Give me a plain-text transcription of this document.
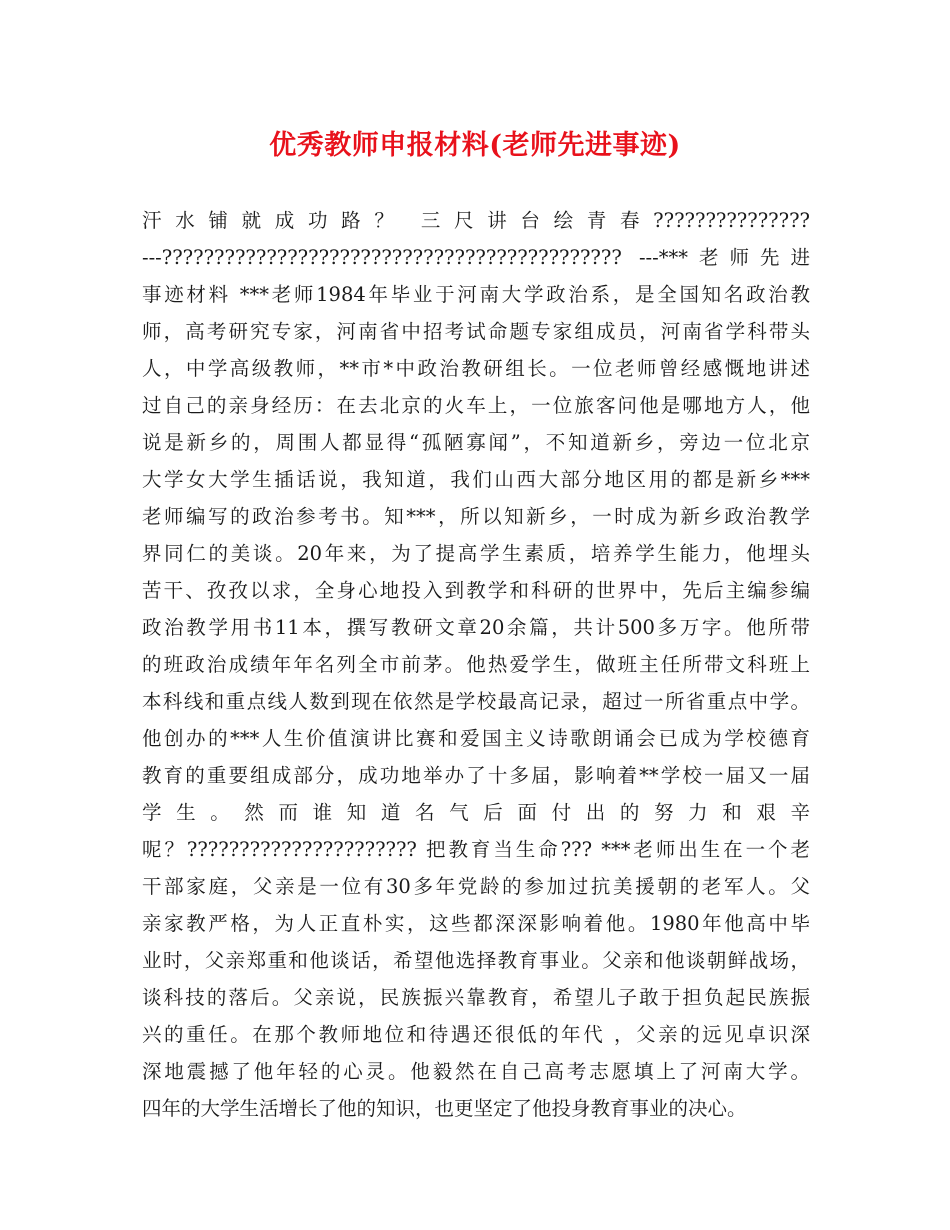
优秀教师申报材料(老师先进事迹)
汗 水 铺 就 成 功 路 ？　三 尺 讲 台 绘 青 春 ???????????????
---???????????????????????????????????????????? ---***老师先进
事迹材料 ***老师1984年毕业于河南大学政治系，是全国知名政治教
师，高考研究专家，河南省中招考试命题专家组成员，河南省学科带头
人，中学高级教师，**市*中政治教研组长。一位老师曾经感慨地讲述
过自己的亲身经历：在去北京的火车上，一位旅客问他是哪地方人，他
说是新乡的，周围人都显得“孤陋寡闻”，不知道新乡，旁边一位北京
大学女大学生插话说，我知道，我们山西大部分地区用的都是新乡***
老师编写的政治参考书。知***，所以知新乡，一时成为新乡政治教学
界同仁的美谈。20年来，为了提高学生素质，培养学生能力，他埋头
苦干、孜孜以求，全身心地投入到教学和科研的世界中，先后主编参编
政治教学用书11本，撰写教研文章20余篇，共计500多万字。他所带
的班政治成绩年年名列全市前茅。他热爱学生，做班主任所带文科班上
本科线和重点线人数到现在依然是学校最高记录，超过一所省重点中学。
他创办的***人生价值演讲比赛和爱国主义诗歌朗诵会已成为学校德育
教育的重要组成部分，成功地举办了十多届，影响着**学校一届又一届
学 生 。 然 而 谁 知 道 名 气 后 面 付 出 的 努 力 和 艰 辛
呢？?????????????????????? 把教育当生命??? ***老师出生在一个老
干部家庭，父亲是一位有30多年党龄的参加过抗美援朝的老军人。父
亲家教严格，为人正直朴实，这些都深深影响着他。1980年他高中毕
业时，父亲郑重和他谈话，希望他选择教育事业。父亲和他谈朝鲜战场，
谈科技的落后。父亲说，民族振兴靠教育，希望儿子敢于担负起民族振
兴的重任。在那个教师地位和待遇还很低的年代 ，父亲的远见卓识深
深地震撼了他年轻的心灵。他毅然在自己高考志愿填上了河南大学。
四年的大学生活增长了他的知识，也更坚定了他投身教育事业的决心。
